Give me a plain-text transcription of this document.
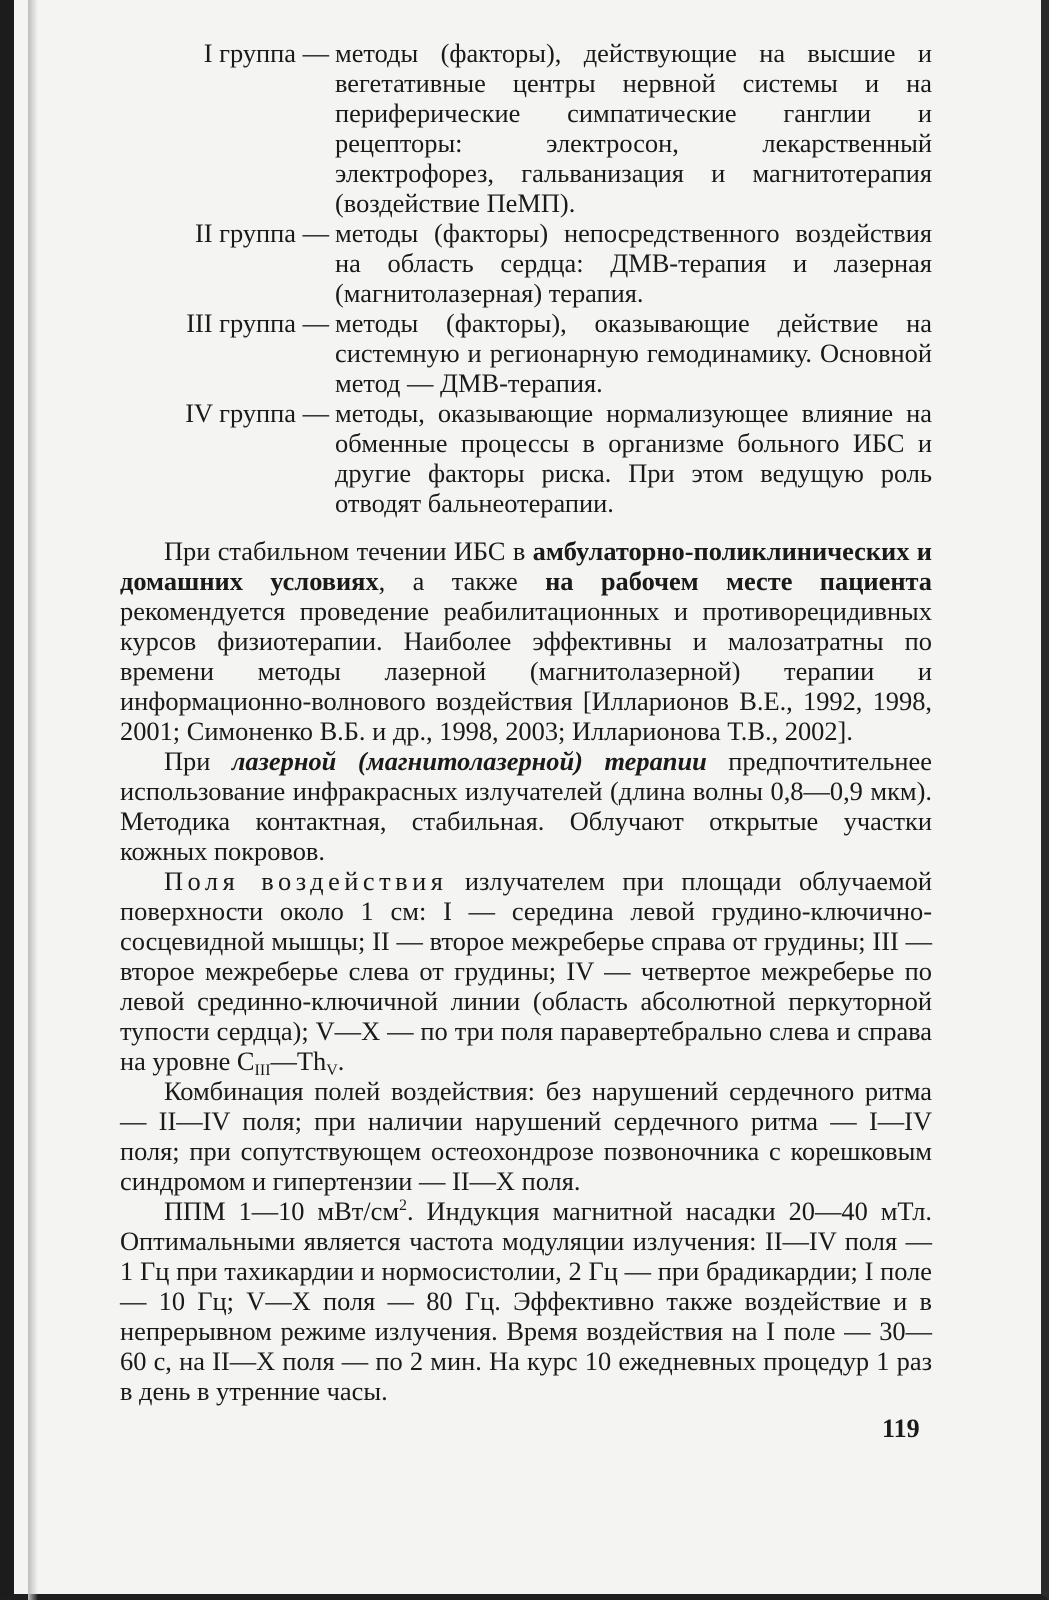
I группа — методы (факторы), действующие на высшие и вегетативные центры нервной системы и на периферические симпатические ганглии и рецепторы: электросон, лекарственный электрофорез, гальванизация и магнитотерапия (воздействие ПеМП).
II группа — методы (факторы) непосредственного воздействия на область сердца: ДМВ-терапия и лазерная (магнитолазерная) терапия.
III группа — методы (факторы), оказывающие действие на системную и регионарную гемодинамику. Основной метод — ДМВ-терапия.
IV группа — методы, оказывающие нормализующее влияние на обменные процессы в организме больного ИБС и другие факторы риска. При этом ведущую роль отводят бальнеотерапии.

При стабильном течении ИБС в амбулаторно-поликлинических и домашних условиях, а также на рабочем месте пациента рекомендуется проведение реабилитационных и противорецидивных курсов физиотерапии. Наиболее эффективны и малозатратны по времени методы лазерной (магнитолазерной) терапии и информационно-волнового воздействия [Илларионов В.Е., 1992, 1998, 2001; Симоненко В.Б. и др., 1998, 2003; Илларионова Т.В., 2002].

При лазерной (магнитолазерной) терапии предпочтительнее использование инфракрасных излучателей (длина волны 0,8—0,9 мкм). Методика контактная, стабильная. Облучают открытые участки кожных покровов.

Поля воздействия излучателем при площади облучаемой поверхности около 1 см: I — середина левой грудино-ключично-сосцевидной мышцы; II — второе межреберье справа от грудины; III — второе межреберье слева от грудины; IV — четвертое межреберье по левой срединно-ключичной линии (область абсолютной перкуторной тупости сердца); V—X — по три поля паравертебрально слева и справа на уровне $C_{III}—Th_V$.

Комбинация полей воздействия: без нарушений сердечного ритма — II—IV поля; при наличии нарушений сердечного ритма — I—IV поля; при сопутствующем остеохондрозе позвоночника с корешковым синдромом и гипертензии — II—X поля.

ППМ 1—10 мВт/$см^2$. Индукция магнитной насадки 20—40 мТл. Оптимальными является частота модуляции излучения: II—IV поля — 1 Гц при тахикардии и нормосистолии, 2 Гц — при брадикардии; I поле — 10 Гц; V—X поля — 80 Гц. Эффективно также воздействие и в непрерывном режиме излучения. Время воздействия на I поле — 30—60 с, на II—X поля — по 2 мин. На курс 10 ежедневных процедур 1 раз в день в утренние часы.

119
